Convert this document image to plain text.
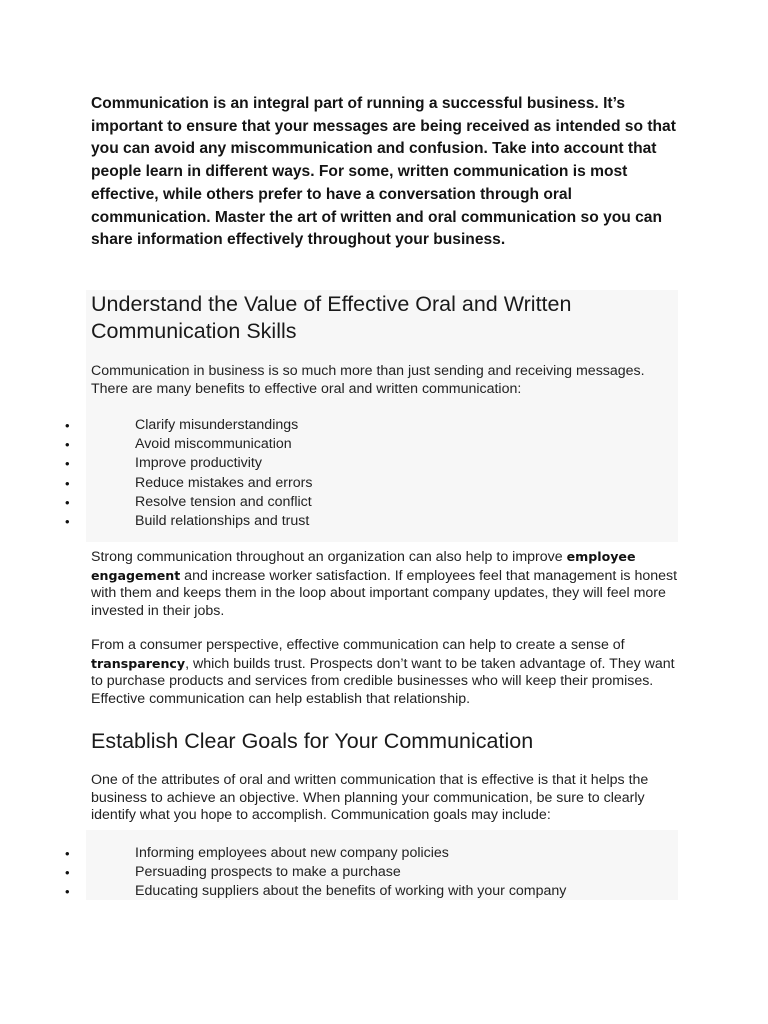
Communication is an integral part of running a successful business. It’s important to ensure that your messages are being received as intended so that you can avoid any miscommunication and confusion. Take into account that people learn in different ways. For some, written communication is most effective, while others prefer to have a conversation through oral communication. Master the art of written and oral communication so you can share information effectively throughout your business.

Understand the Value of Effective Oral and Written Communication Skills

Communication in business is so much more than just sending and receiving messages. There are many benefits to effective oral and written communication:

•	Clarify misunderstandings
•	Avoid miscommunication
•	Improve productivity
•	Reduce mistakes and errors
•	Resolve tension and conflict
•	Build relationships and trust

Strong communication throughout an organization can also help to improve employee engagement and increase worker satisfaction. If employees feel that management is honest with them and keeps them in the loop about important company updates, they will feel more invested in their jobs.

From a consumer perspective, effective communication can help to create a sense of transparency, which builds trust. Prospects don’t want to be taken advantage of. They want to purchase products and services from credible businesses who will keep their promises. Effective communication can help establish that relationship.

Establish Clear Goals for Your Communication

One of the attributes of oral and written communication that is effective is that it helps the business to achieve an objective. When planning your communication, be sure to clearly identify what you hope to accomplish. Communication goals may include:

•	Informing employees about new company policies
•	Persuading prospects to make a purchase
•	Educating suppliers about the benefits of working with your company
